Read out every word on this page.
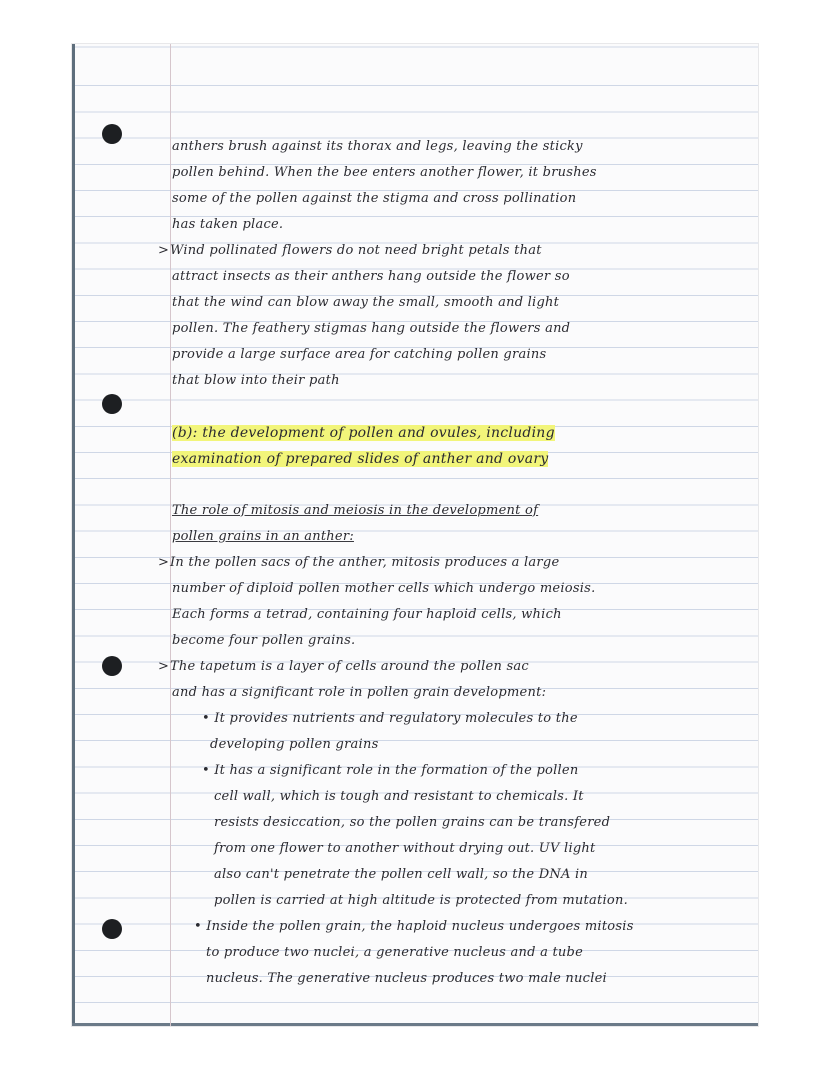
anthers brush against its thorax and legs, leaving the sticky
pollen behind. When the bee enters another flower, it brushes
some of the pollen against the stigma and cross pollination
has taken place.
>Wind pollinated flowers do not need bright petals that
attract insects as their anthers hang outside the flower so
that the wind can blow away the small, smooth and light
pollen. The feathery stigmas hang outside the flowers and
provide a large surface area for catching pollen grains
that blow into their path
(b): the development of pollen and ovules, including
examination of prepared slides of anther and ovary
The role of mitosis and meiosis in the development of
pollen grains in an anther:
>In the pollen sacs of the anther, mitosis produces a large
number of diploid pollen mother cells which undergo meiosis.
Each forms a tetrad, containing four haploid cells, which
become four pollen grains.
>The tapetum is a layer of cells around the pollen sac
and has a significant role in pollen grain development:
• It provides nutrients and regulatory molecules to the
developing pollen grains
• It has a significant role in the formation of the pollen
cell wall, which is tough and resistant to chemicals. It
resists desiccation, so the pollen grains can be transfered
from one flower to another without drying out. UV light
also can't penetrate the pollen cell wall, so the DNA in
pollen is carried at high altitude is protected from mutation.
• Inside the pollen grain, the haploid nucleus undergoes mitosis
to produce two nuclei, a generative nucleus and a tube
nucleus. The generative nucleus produces two male nuclei
